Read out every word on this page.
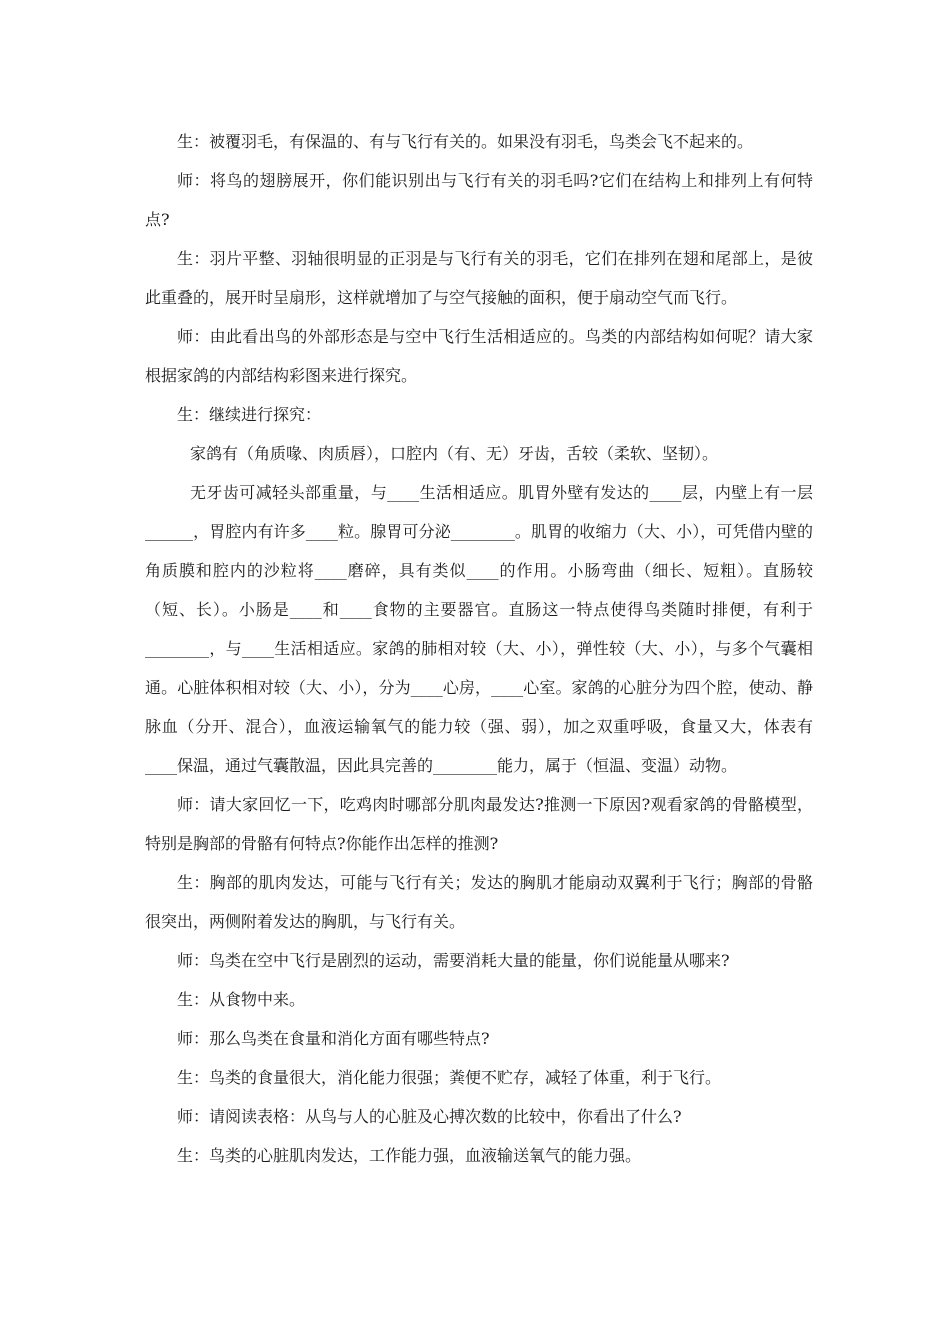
生：被覆羽毛，有保温的、有与飞行有关的。如果没有羽毛，鸟类会飞不起来的。

师：将鸟的翅膀展开，你们能识别出与飞行有关的羽毛吗?它们在结构上和排列上有何特点?

生：羽片平整、羽轴很明显的正羽是与飞行有关的羽毛，它们在排列在翅和尾部上，是彼此重叠的，展开时呈扇形，这样就增加了与空气接触的面积，便于扇动空气而飞行。

师：由此看出鸟的外部形态是与空中飞行生活相适应的。鸟类的内部结构如何呢？请大家根据家鸽的内部结构彩图来进行探究。

生：继续进行探究：

家鸽有（角质喙、肉质唇），口腔内（有、无）牙齿，舌较（柔软、坚韧）。

无牙齿可减轻头部重量，与____生活相适应。肌胃外壁有发达的____层，内壁上有一层______，胃腔内有许多____粒。腺胃可分泌________。肌胃的收缩力（大、小），可凭借内壁的角质膜和腔内的沙粒将____磨碎，具有类似____的作用。小肠弯曲（细长、短粗）。直肠较（短、长）。小肠是____和____食物的主要器官。直肠这一特点使得鸟类随时排便，有利于________，与____生活相适应。家鸽的肺相对较（大、小），弹性较（大、小），与多个气囊相通。心脏体积相对较（大、小），分为____心房，____心室。家鸽的心脏分为四个腔，使动、静脉血（分开、混合），血液运输氧气的能力较（强、弱），加之双重呼吸，食量又大，体表有____保温，通过气囊散温，因此具完善的________能力，属于（恒温、变温）动物。

师：请大家回忆一下，吃鸡肉时哪部分肌肉最发达?推测一下原因?观看家鸽的骨骼模型，特别是胸部的骨骼有何特点?你能作出怎样的推测?

生：胸部的肌肉发达，可能与飞行有关；发达的胸肌才能扇动双翼利于飞行；胸部的骨骼很突出，两侧附着发达的胸肌，与飞行有关。

师：鸟类在空中飞行是剧烈的运动，需要消耗大量的能量，你们说能量从哪来?

生：从食物中来。

师：那么鸟类在食量和消化方面有哪些特点?

生：鸟类的食量很大，消化能力很强；粪便不贮存，减轻了体重，利于飞行。

师：请阅读表格：从鸟与人的心脏及心搏次数的比较中，你看出了什么?

生：鸟类的心脏肌肉发达，工作能力强，血液输送氧气的能力强。
